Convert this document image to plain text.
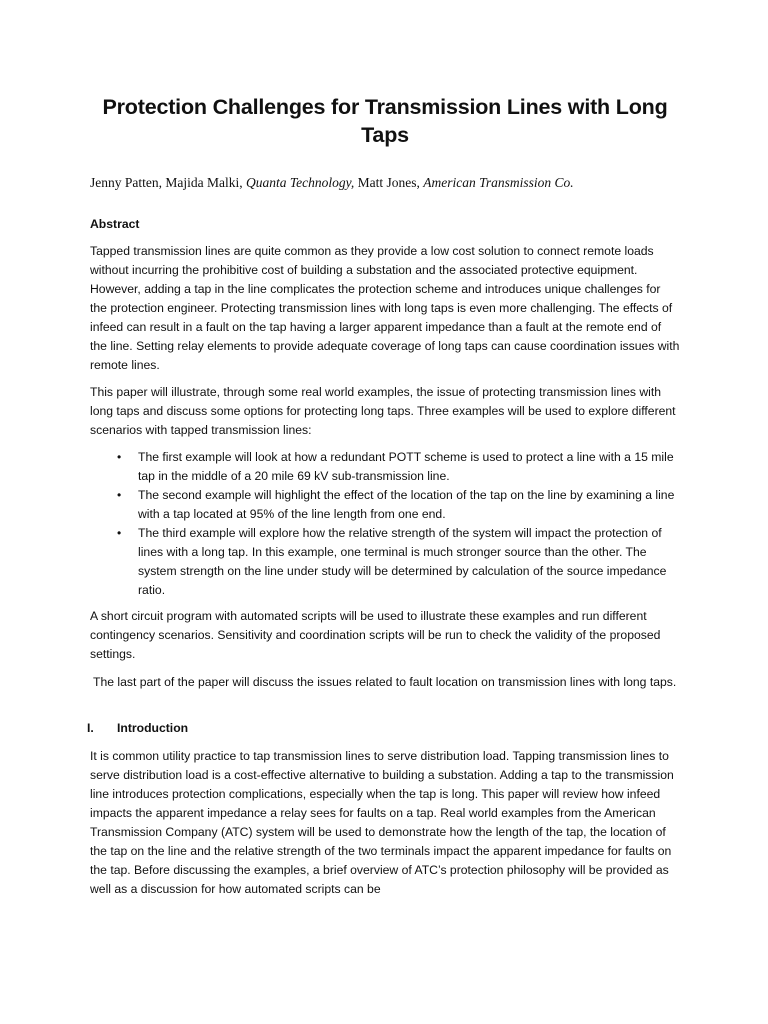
Protection Challenges for Transmission Lines with Long Taps

Jenny Patten, Majida Malki, Quanta Technology, Matt Jones, American Transmission Co.

Abstract

Tapped transmission lines are quite common as they provide a low cost solution to connect remote loads without incurring the prohibitive cost of building a substation and the associated protective equipment. However, adding a tap in the line complicates the protection scheme and introduces unique challenges for the protection engineer. Protecting transmission lines with long taps is even more challenging. The effects of infeed can result in a fault on the tap having a larger apparent impedance than a fault at the remote end of the line. Setting relay elements to provide adequate coverage of long taps can cause coordination issues with remote lines.

This paper will illustrate, through some real world examples, the issue of protecting transmission lines with long taps and discuss some options for protecting long taps. Three examples will be used to explore different scenarios with tapped transmission lines:

• The first example will look at how a redundant POTT scheme is used to protect a line with a 15 mile tap in the middle of a 20 mile 69 kV sub-transmission line.
• The second example will highlight the effect of the location of the tap on the line by examining a line with a tap located at 95% of the line length from one end.
• The third example will explore how the relative strength of the system will impact the protection of lines with a long tap. In this example, one terminal is much stronger source than the other. The system strength on the line under study will be determined by calculation of the source impedance ratio.

A short circuit program with automated scripts will be used to illustrate these examples and run different contingency scenarios. Sensitivity and coordination scripts will be run to check the validity of the proposed settings.

The last part of the paper will discuss the issues related to fault location on transmission lines with long taps.

I.	Introduction

It is common utility practice to tap transmission lines to serve distribution load. Tapping transmission lines to serve distribution load is a cost-effective alternative to building a substation. Adding a tap to the transmission line introduces protection complications, especially when the tap is long. This paper will review how infeed impacts the apparent impedance a relay sees for faults on a tap. Real world examples from the American Transmission Company (ATC) system will be used to demonstrate how the length of the tap, the location of the tap on the line and the relative strength of the two terminals impact the apparent impedance for faults on the tap. Before discussing the examples, a brief overview of ATC’s protection philosophy will be provided as well as a discussion for how automated scripts can be
